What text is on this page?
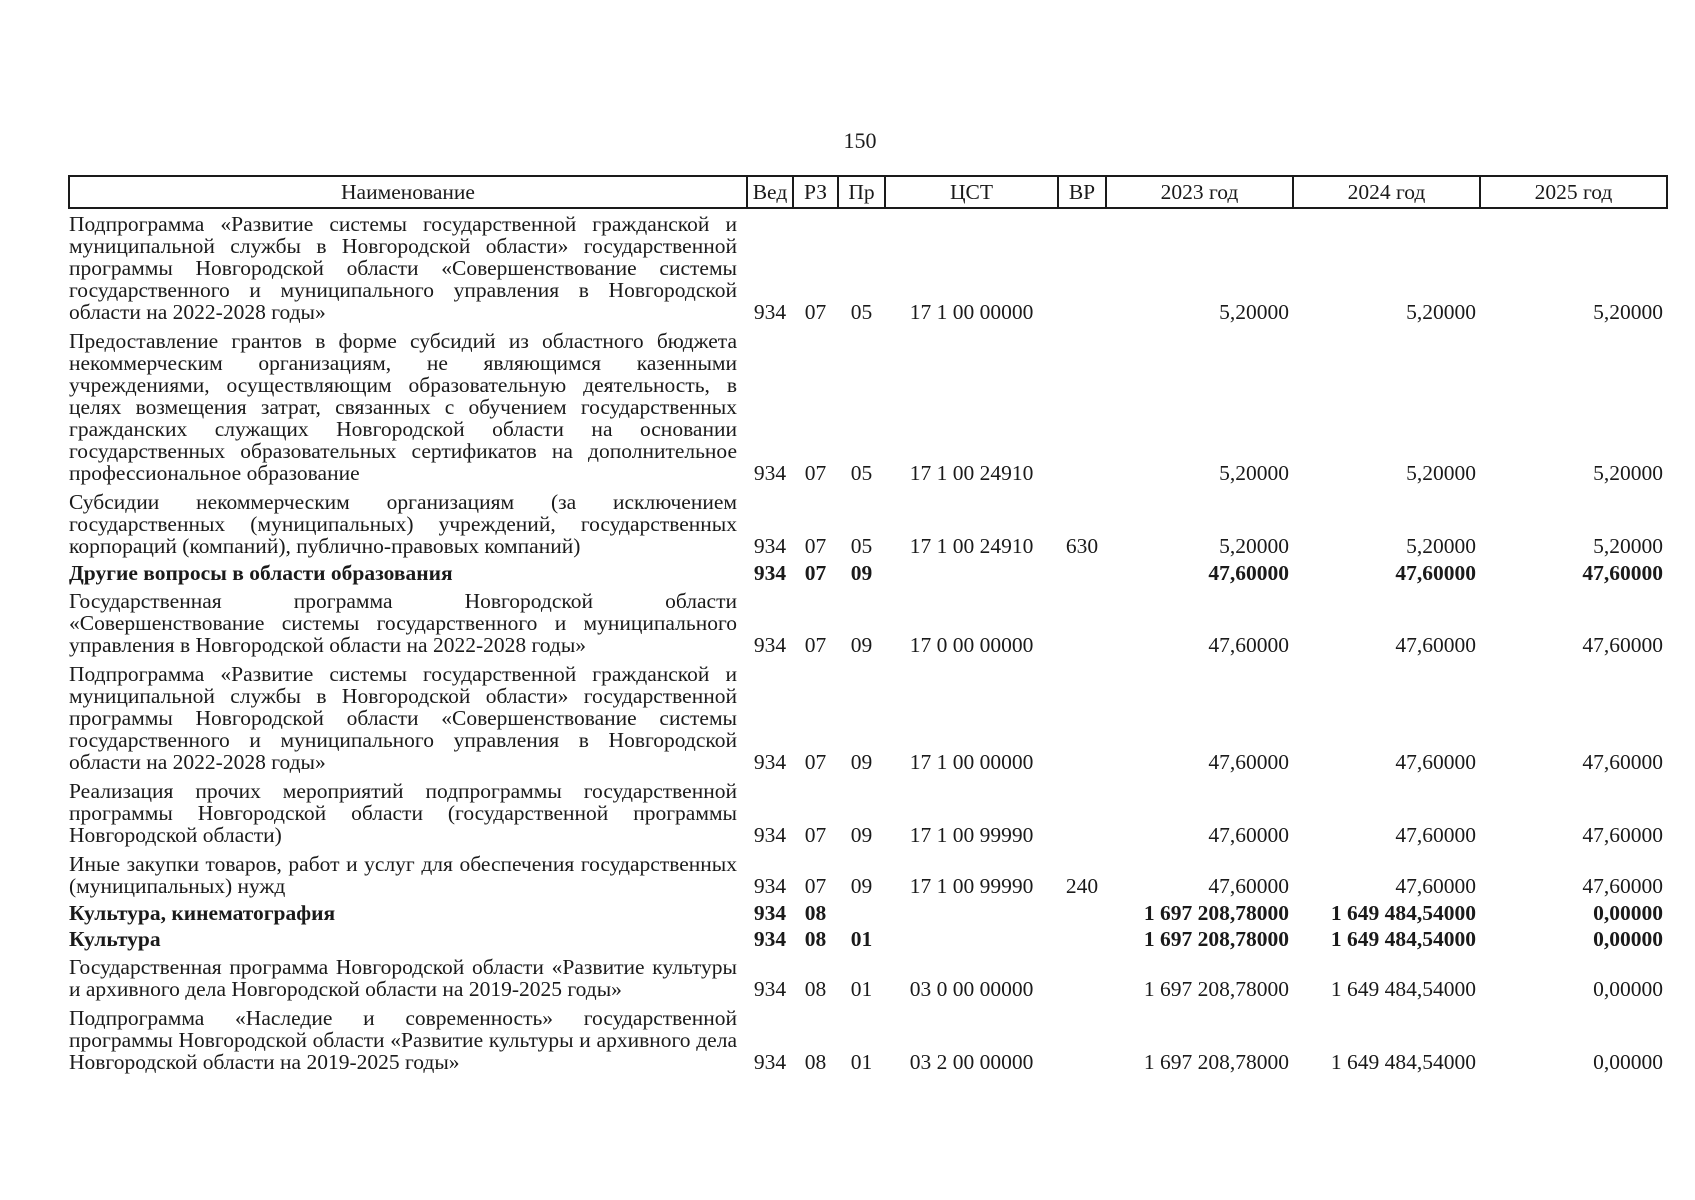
150
Наименование	Вед	РЗ	Пр	ЦСТ	ВР	2023 год	2024 год	2025 год
Подпрограмма «Развитие системы государственной гражданской и муниципальной службы в Новгородской области» государственной программы Новгородской области «Совершенствование системы государственного и муниципального управления в Новгородской области на 2022-2028 годы»	934	07	05	17 1 00 00000		5,20000	5,20000	5,20000
Предоставление грантов в форме субсидий из областного бюджета некоммерческим организациям, не являющимся казенными учреждениями, осуществляющим образовательную деятельность, в целях возмещения затрат, связанных с обучением государственных гражданских служащих Новгородской области на основании государственных образовательных сертификатов на дополнительное профессиональное образование	934	07	05	17 1 00 24910		5,20000	5,20000	5,20000
Субсидии некоммерческим организациям (за исключением государственных (муниципальных) учреждений, государственных корпораций (компаний), публично-правовых компаний)	934	07	05	17 1 00 24910	630	5,20000	5,20000	5,20000
Другие вопросы в области образования	934	07	09			47,60000	47,60000	47,60000
Государственная программа Новгородской области «Совершенствование системы государственного и муниципального управления в Новгородской области на 2022-2028 годы»	934	07	09	17 0 00 00000		47,60000	47,60000	47,60000
Подпрограмма «Развитие системы государственной гражданской и муниципальной службы в Новгородской области» государственной программы Новгородской области «Совершенствование системы государственного и муниципального управления в Новгородской области на 2022-2028 годы»	934	07	09	17 1 00 00000		47,60000	47,60000	47,60000
Реализация прочих мероприятий подпрограммы государственной программы Новгородской области (государственной программы Новгородской области)	934	07	09	17 1 00 99990		47,60000	47,60000	47,60000
Иные закупки товаров, работ и услуг для обеспечения государственных (муниципальных) нужд	934	07	09	17 1 00 99990	240	47,60000	47,60000	47,60000
Культура, кинематография	934	08				1 697 208,78000	1 649 484,54000	0,00000
Культура	934	08	01			1 697 208,78000	1 649 484,54000	0,00000
Государственная программа Новгородской области «Развитие культуры и архивного дела Новгородской области на 2019-2025 годы»	934	08	01	03 0 00 00000		1 697 208,78000	1 649 484,54000	0,00000
Подпрограмма «Наследие и современность» государственной программы Новгородской области «Развитие культуры и архивного дела Новгородской области на 2019-2025 годы»	934	08	01	03 2 00 00000		1 697 208,78000	1 649 484,54000	0,00000
